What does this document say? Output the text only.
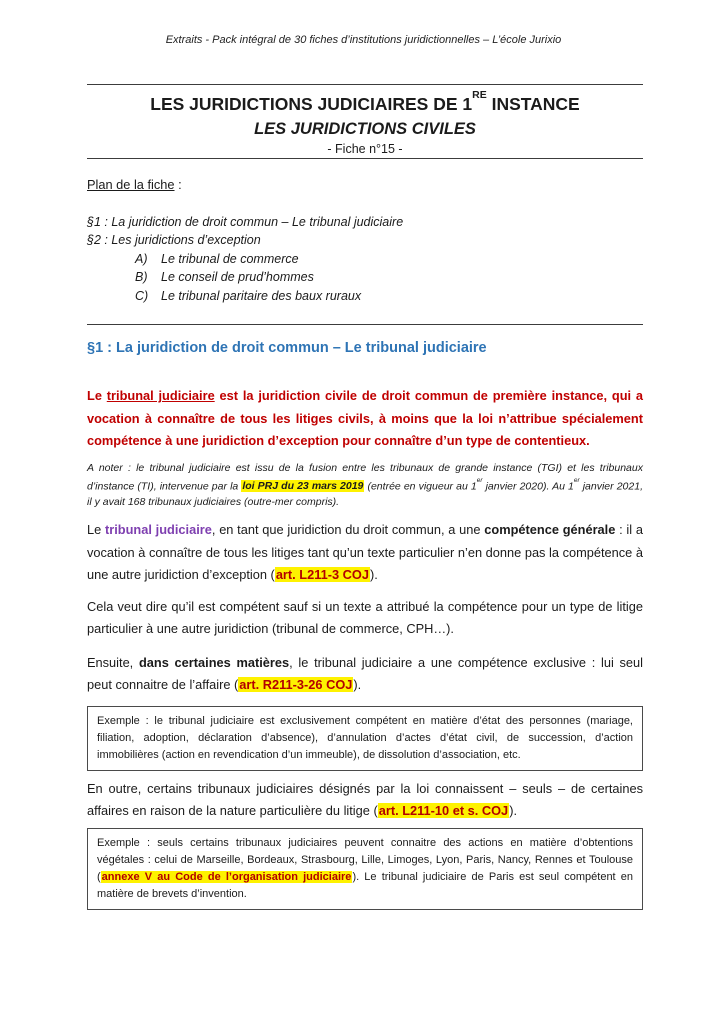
Extraits - Pack intégral de 30 fiches d’institutions juridictionnelles – L’école Jurixio
LES JURIDICTIONS JUDICIAIRES DE 1RE INSTANCE
LES JURIDICTIONS CIVILES
- Fiche n°15 -
Plan de la fiche :
§1 : La juridiction de droit commun – Le tribunal judiciaire
§2 : Les juridictions d’exception
A)	Le tribunal de commerce
B)	Le conseil de prud’hommes
C)	Le tribunal paritaire des baux ruraux
§1 : La juridiction de droit commun – Le tribunal judiciaire

Le tribunal judiciaire est la juridiction civile de droit commun de première instance, qui a vocation à connaître de tous les litiges civils, à moins que la loi n’attribue spécialement compétence à une juridiction d’exception pour connaître d’un type de contentieux.

A noter : le tribunal judiciaire est issu de la fusion entre les tribunaux de grande instance (TGI) et les tribunaux d’instance (TI), intervenue par la loi PRJ du 23 mars 2019 (entrée en vigueur au 1er janvier 2020). Au 1er janvier 2021, il y avait 168 tribunaux judiciaires (outre-mer compris).

Le tribunal judiciaire, en tant que juridiction du droit commun, a une compétence générale : il a vocation à connaître de tous les litiges tant qu’un texte particulier n’en donne pas la compétence à une autre juridiction d’exception (art. L211-3 COJ).

Cela veut dire qu’il est compétent sauf si un texte a attribué la compétence pour un type de litige particulier à une autre juridiction (tribunal de commerce, CPH…).

Ensuite, dans certaines matières, le tribunal judiciaire a une compétence exclusive : lui seul peut connaitre de l’affaire (art. R211-3-26 COJ).

Exemple : le tribunal judiciaire est exclusivement compétent en matière d’état des personnes (mariage, filiation, adoption, déclaration d’absence), d’annulation d’actes d’état civil, de succession, d’action immobilières (action en revendication d’un immeuble), de dissolution d’association, etc.

En outre, certains tribunaux judiciaires désignés par la loi connaissent – seuls – de certaines affaires en raison de la nature particulière du litige (art. L211-10 et s. COJ).

Exemple : seuls certains tribunaux judiciaires peuvent connaitre des actions en matière d’obtentions végétales : celui de Marseille, Bordeaux, Strasbourg, Lille, Limoges, Lyon, Paris, Nancy, Rennes et Toulouse (annexe V au Code de l’organisation judiciaire). Le tribunal judiciaire de Paris est seul compétent en matière de brevets d’invention.
